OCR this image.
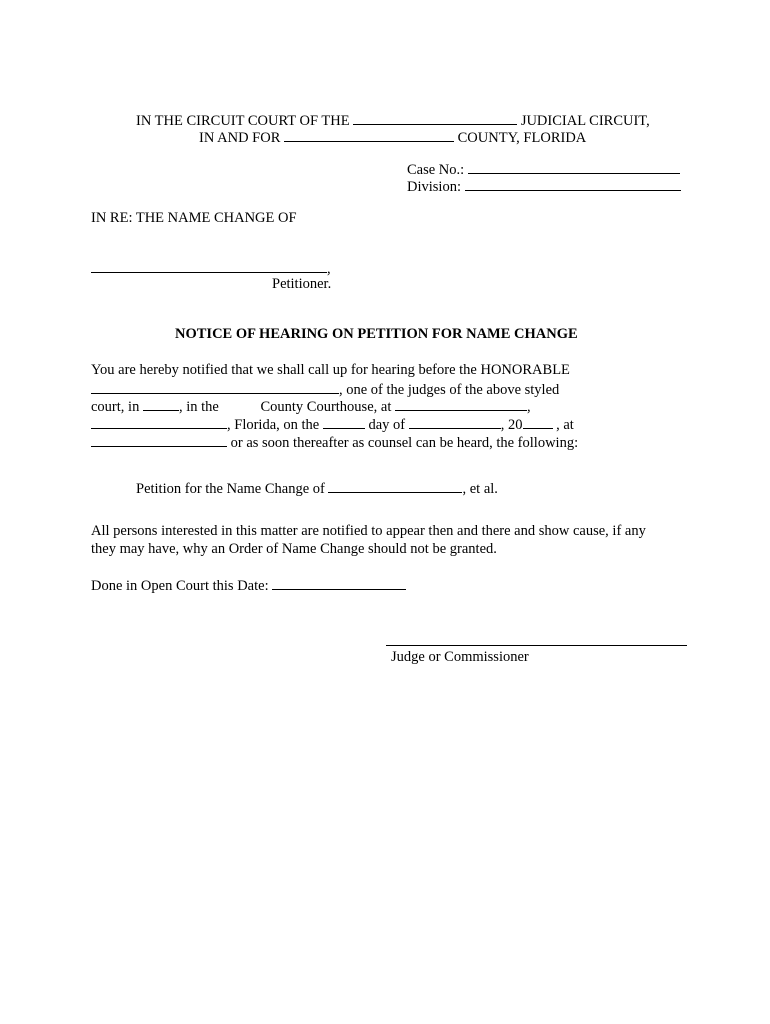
IN THE CIRCUIT COURT OF THE	JUDICIAL CIRCUIT,
IN AND FOR	COUNTY, FLORIDA
Case No.:
Division:
IN RE: THE NAME CHANGE OF
,
Petitioner.
NOTICE OF HEARING ON PETITION FOR NAME CHANGE
You are hereby notified that we shall call up for hearing before the HONORABLE
, one of the judges of the above styled
court, in	, in the	County Courthouse, at	,
, Florida, on the	day of	, 20 , at
or as soon thereafter as counsel can be heard, the following:
Petition for the Name Change of	, et al.
All persons interested in this matter are notified to appear then and there and show cause, if any
they may have, why an Order of Name Change should not be granted.
Done in Open Court this Date:
Judge or Commissioner
